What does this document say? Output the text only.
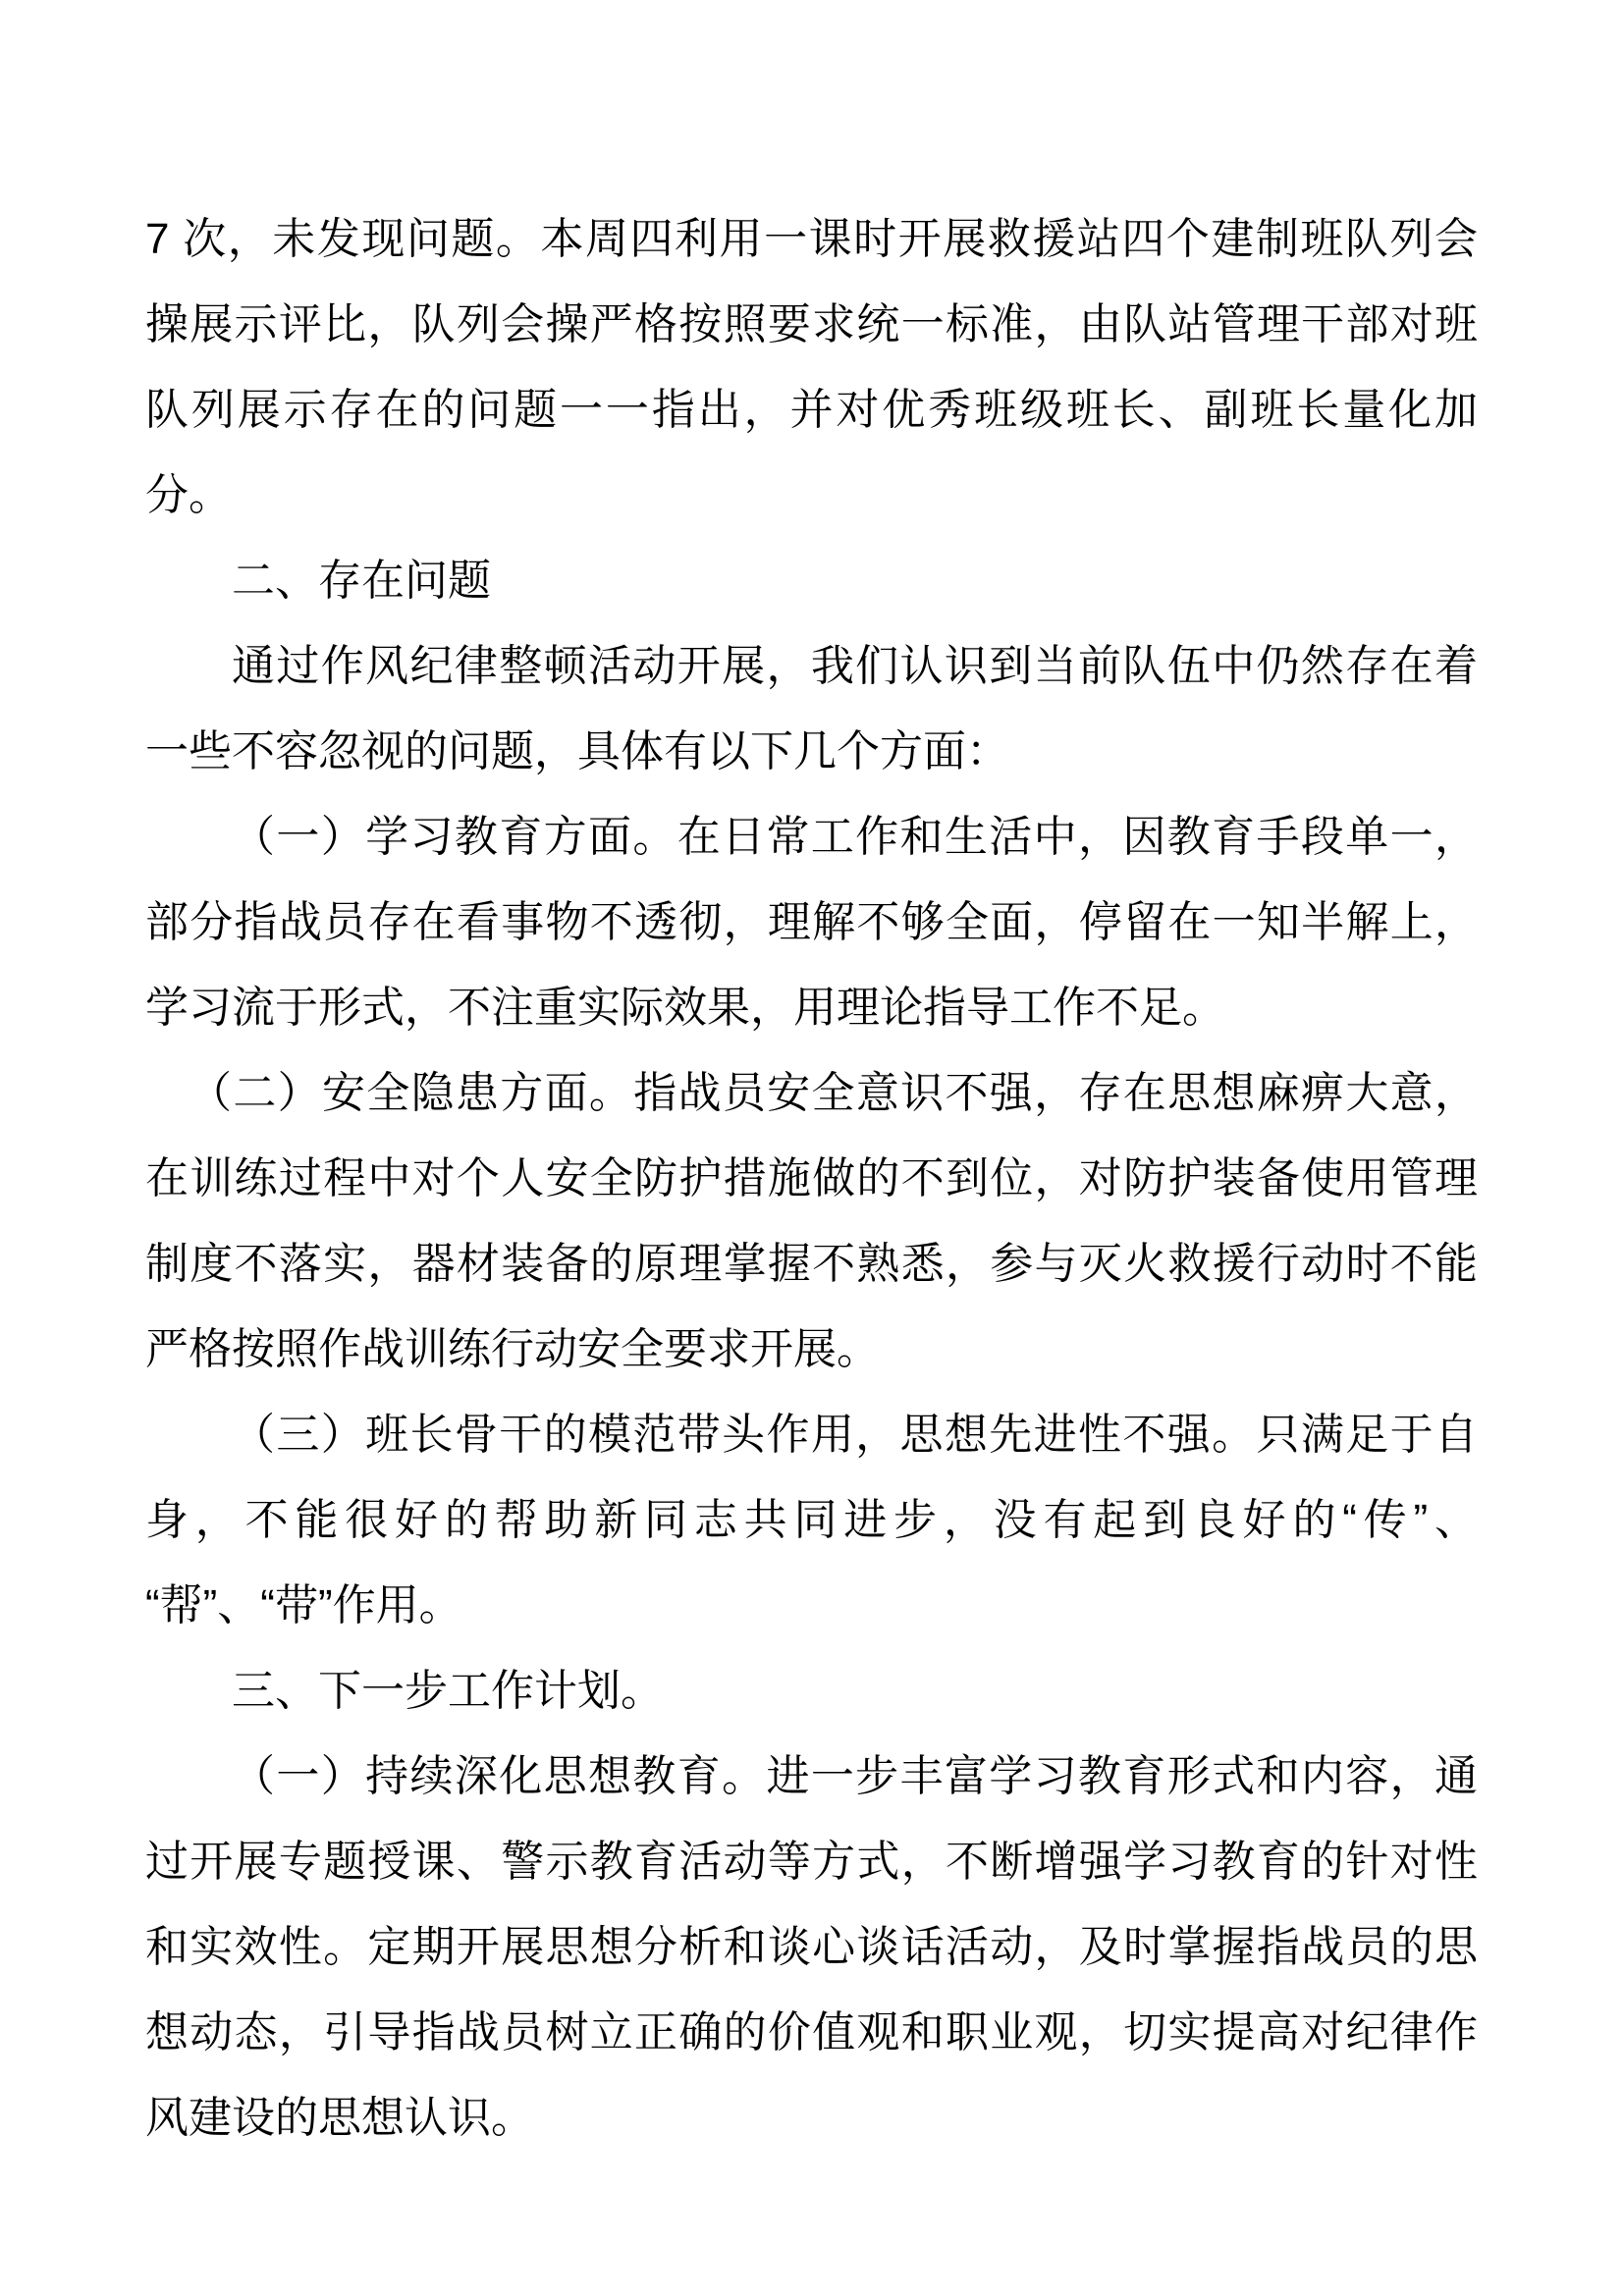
7 次，未发现问题。本周四利用一课时开展救援站四个建制班队列会
操展示评比，队列会操严格按照要求统一标准，由队站管理干部对班
队列展示存在的问题一一指出，并对优秀班级班长、副班长量化加
分。
二、存在问题
通过作风纪律整顿活动开展，我们认识到当前队伍中仍然存在着
一些不容忽视的问题，具体有以下几个方面：
（一）学习教育方面。在日常工作和生活中，因教育手段单一，
部分指战员存在看事物不透彻，理解不够全面，停留在一知半解上，
学习流于形式，不注重实际效果，用理论指导工作不足。
（二）安全隐患方面。指战员安全意识不强，存在思想麻痹大意，
在训练过程中对个人安全防护措施做的不到位，对防护装备使用管理
制度不落实，器材装备的原理掌握不熟悉，参与灭火救援行动时不能
严格按照作战训练行动安全要求开展。
（三）班长骨干的模范带头作用，思想先进性不强。只满足于自
身，不能很好的帮助新同志共同进步，没有起到良好的“传”、
“帮”、“带”作用。
三、下一步工作计划。
（一）持续深化思想教育。进一步丰富学习教育形式和内容，通
过开展专题授课、警示教育活动等方式，不断增强学习教育的针对性
和实效性。定期开展思想分析和谈心谈话活动，及时掌握指战员的思
想动态，引导指战员树立正确的价值观和职业观，切实提高对纪律作
风建设的思想认识。
